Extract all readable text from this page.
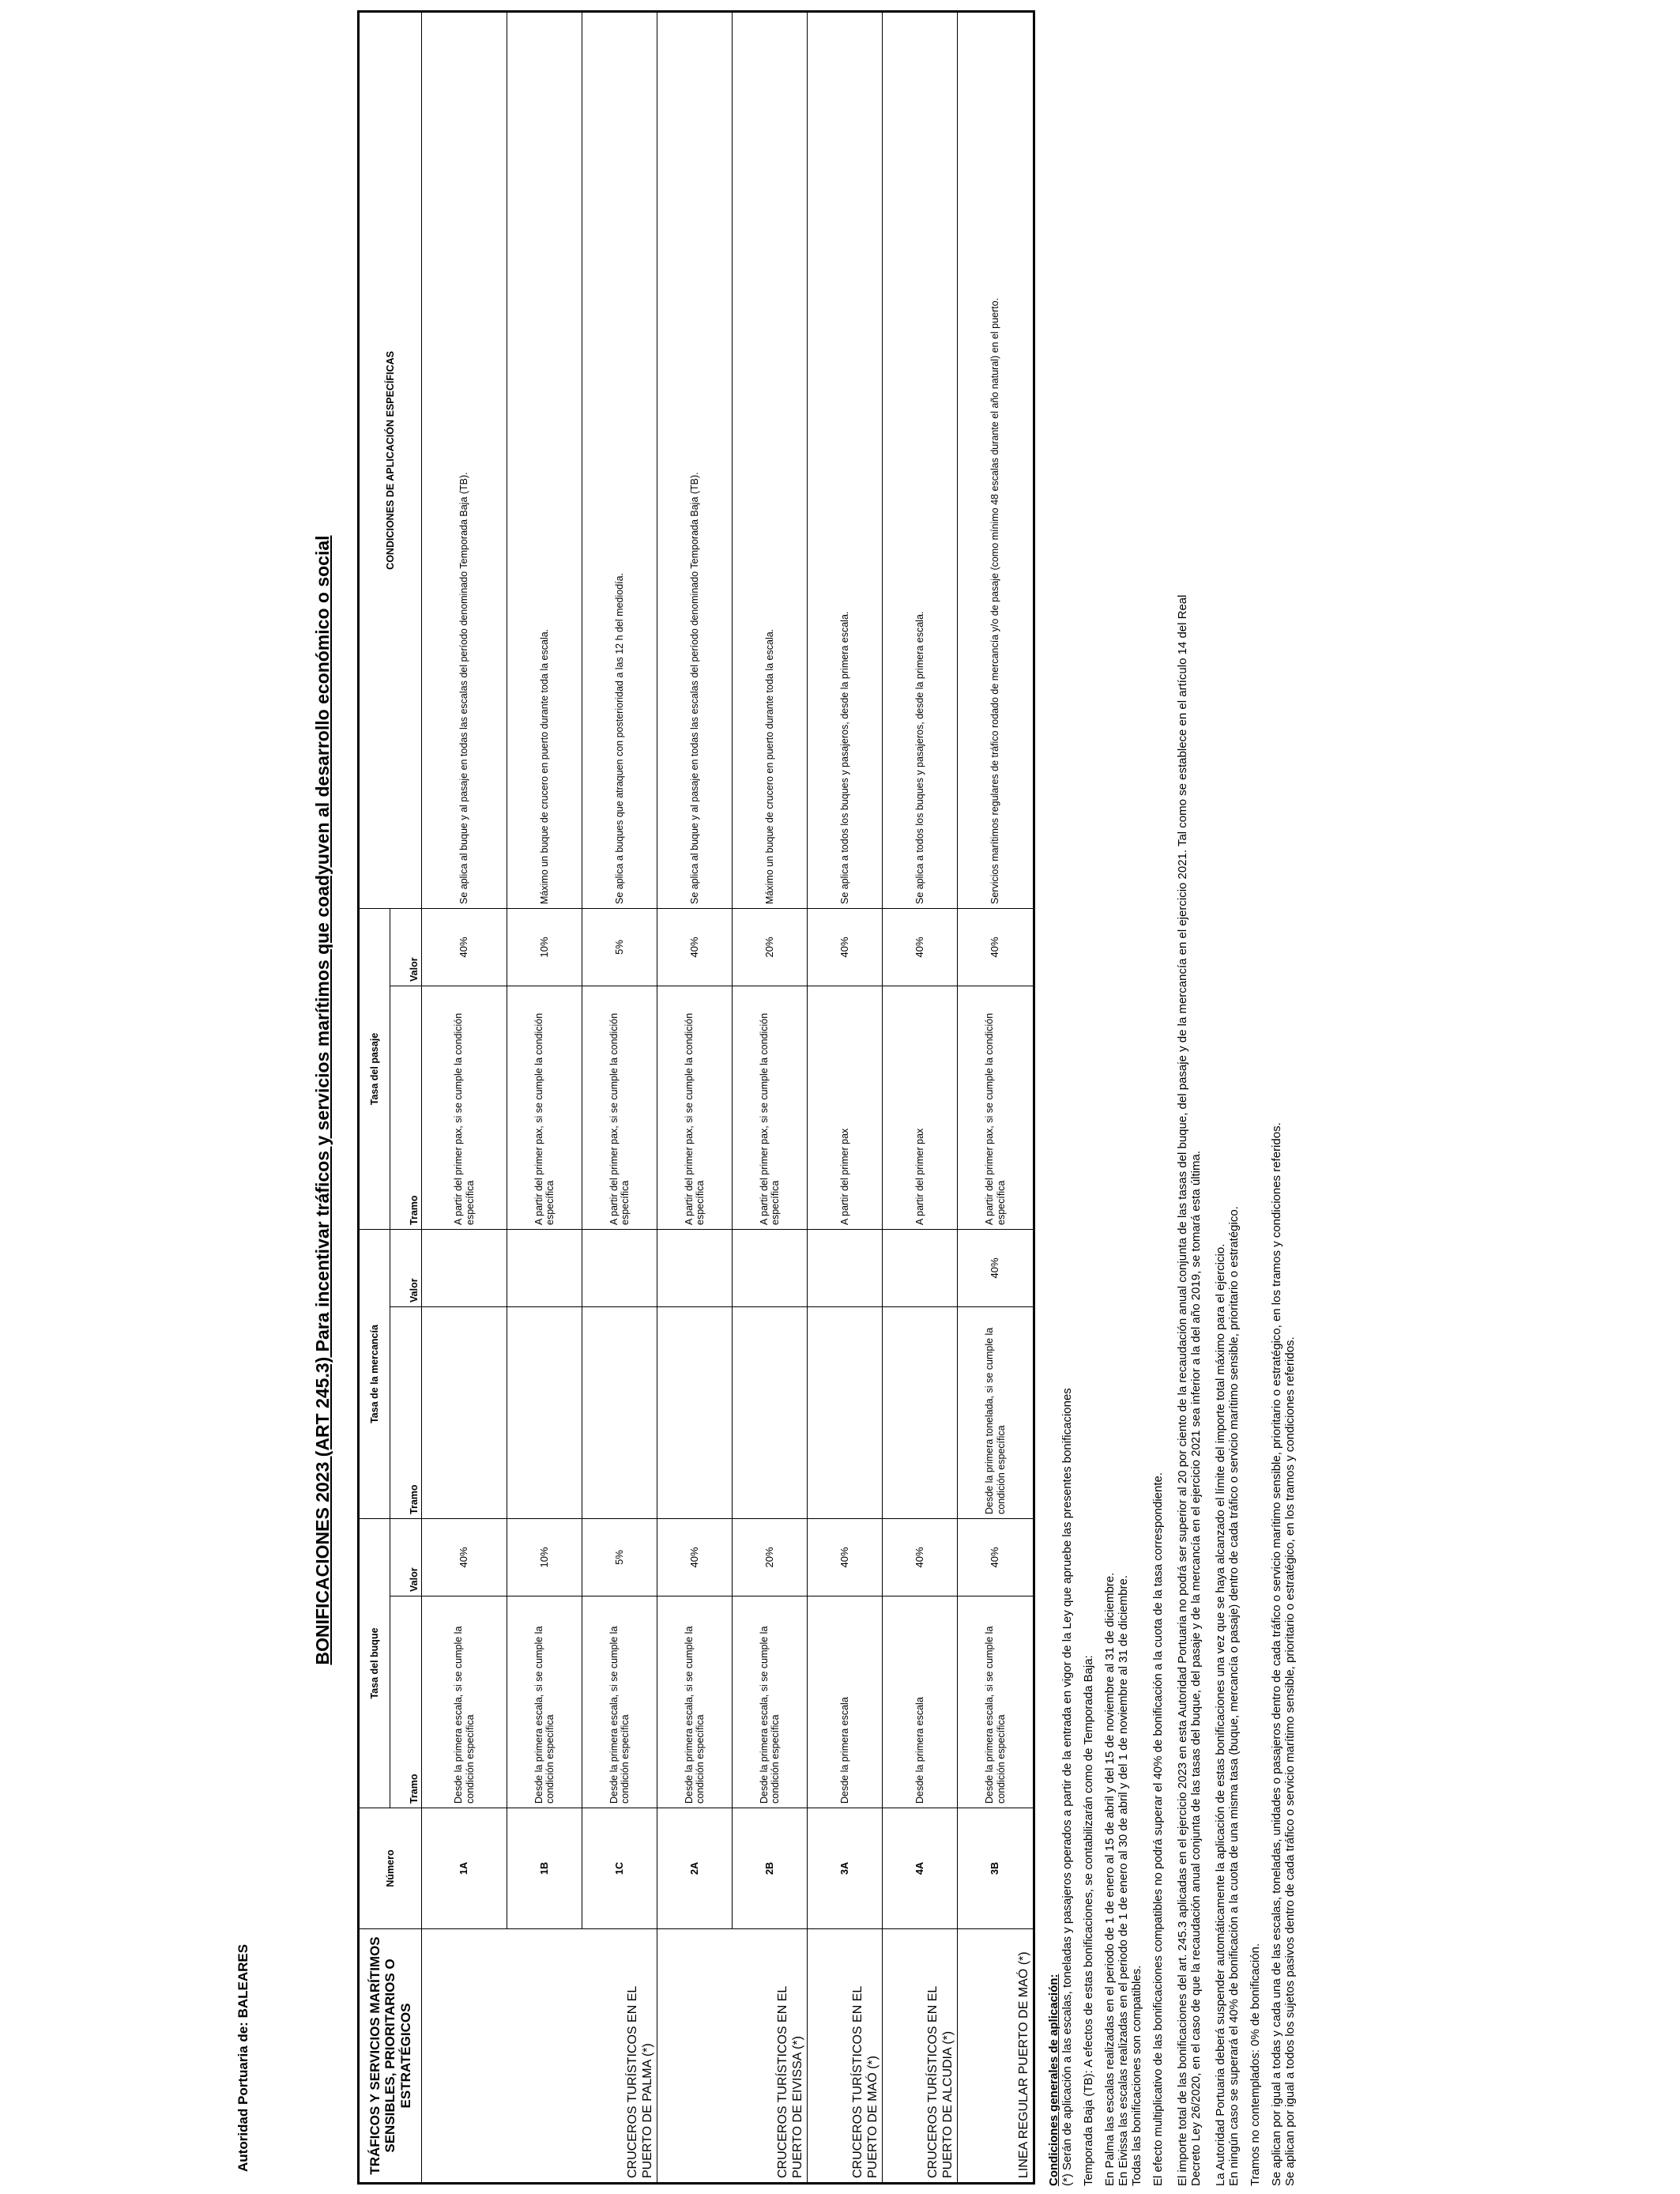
Autoridad Portuaria de: BALEARES
BONIFICACIONES 2023 (ART 245.3) Para incentivar tráficos y servicios marítimos que coadyuven al desarrollo económico o social
TRÁFICOS Y SERVICIOS MARÍTIMOS SENSIBLES, PRIORITARIOS O ESTRATÉGICOS	Número	Tasa del buque		Tasa de la mercancía		Tasa del pasaje		CONDICIONES DE APLICACIÓN ESPECÍFICAS
		Tramo	Valor	Tramo	Valor	Tramo	Valor	
CRUCEROS TURÍSTICOS EN EL PUERTO DE PALMA (*)	1A	Desde la primera escala, si se cumple la condición específica	40%			A partir del primer pax, si se cumple la condición específica	40%	Se aplica al buque y al pasaje en todas las escalas del período denominado Temporada Baja (TB).
	1B	Desde la primera escala, si se cumple la condición específica	10%			A partir del primer pax, si se cumple la condición específica	10%	Máximo un buque de crucero en puerto durante toda la escala.
	1C	Desde la primera escala, si se cumple la condición específica	5%			A partir del primer pax, si se cumple la condición específica	5%	Se aplica a buques que atraquen con posterioridad a las 12 h del mediodía.
CRUCEROS TURÍSTICOS EN EL PUERTO DE EIVISSA (*)	2A	Desde la primera escala, si se cumple la condición específica	40%			A partir del primer pax, si se cumple la condición específica	40%	Se aplica al buque y al pasaje en todas las escalas del período denominado Temporada Baja (TB).
	2B	Desde la primera escala, si se cumple la condición específica	20%			A partir del primer pax, si se cumple la condición específica	20%	Máximo un buque de crucero en puerto durante toda la escala.
CRUCEROS TURÍSTICOS EN EL PUERTO DE MAÓ (*)	3A	Desde la primera escala	40%			A partir del primer pax	40%	Se aplica a todos los buques y pasajeros, desde la primera escala.
CRUCEROS TURÍSTICOS EN EL PUERTO DE ALCUDIA (*)	4A	Desde la primera escala	40%			A partir del primer pax	40%	Se aplica a todos los buques y pasajeros, desde la primera escala.
LINEA REGULAR PUERTO DE MAÓ (*)	3B	Desde la primera escala, si se cumple la condición específica	40%	Desde la primera tonelada, si se cumple la condición específica	40%	A partir del primer pax, si se cumple la condición específica	40%	Servicios marítimos regulares de tráfico rodado de mercancía y/o de pasaje (como mínimo 48 escalas durante el año natural) en el puerto.

Condiciones generales de aplicación: (*) Serán de aplicación a las escalas, toneladas y pasajeros operados a partir de la entrada en vigor de la Ley que apruebe las presentes bonificaciones Temporada Baja (TB): A efectos de estas bonificaciones, se contabilizarán como de Temporada Baja: En Palma las escalas realizadas en el periodo de 1 de enero al 15 de abril y del 15 de noviembre al 31 de diciembre. En Eivissa las escalas realizadas en el periodo de 1 de enero al 30 de abril y del 1 de noviembre al 31 de diciembre. Todas las bonificaciones son compatibles. El efecto multiplicativo de las bonificaciones compatibles no podrá superar el 40% de bonificación a la cuota de la tasa correspondiente. El importe total de las bonificaciones del art. 245.3 aplicadas en el ejercicio 2023 en esta Autoridad Portuaria no podrá ser superior al 20 por ciento de la recaudación anual conjunta de las tasas del buque, del pasaje y de la mercancía en el ejercicio 2021. Tal como se establece en el artículo 14 del Real Decreto Ley 26/2020, en el caso de que la recaudación anual conjunta de las tasas del buque, del pasaje y de la mercancía en el ejercicio 2021 sea inferior a la del año 2019, se tomará esta última. La Autoridad Portuaria deberá suspender automáticamente la aplicación de estas bonificaciones una vez que se haya alcanzado el límite del importe total máximo para el ejercicio. En ningún caso se superará el 40% de bonificación a la cuota de una misma tasa (buque, mercancía o pasaje) dentro de cada tráfico o servicio marítimo sensible, prioritario o estratégico. Tramos no contemplados: 0% de bonificación. Se aplican por igual a todas y cada una de las escalas, toneladas, unidades o pasajeros dentro de cada tráfico o servicio marítimo sensible, prioritario o estratégico, en los tramos y condiciones referidos. Se aplican por igual a todos los sujetos pasivos dentro de cada tráfico o servicio marítimo sensible, prioritario o estratégico, en los tramos y condiciones referidos.
